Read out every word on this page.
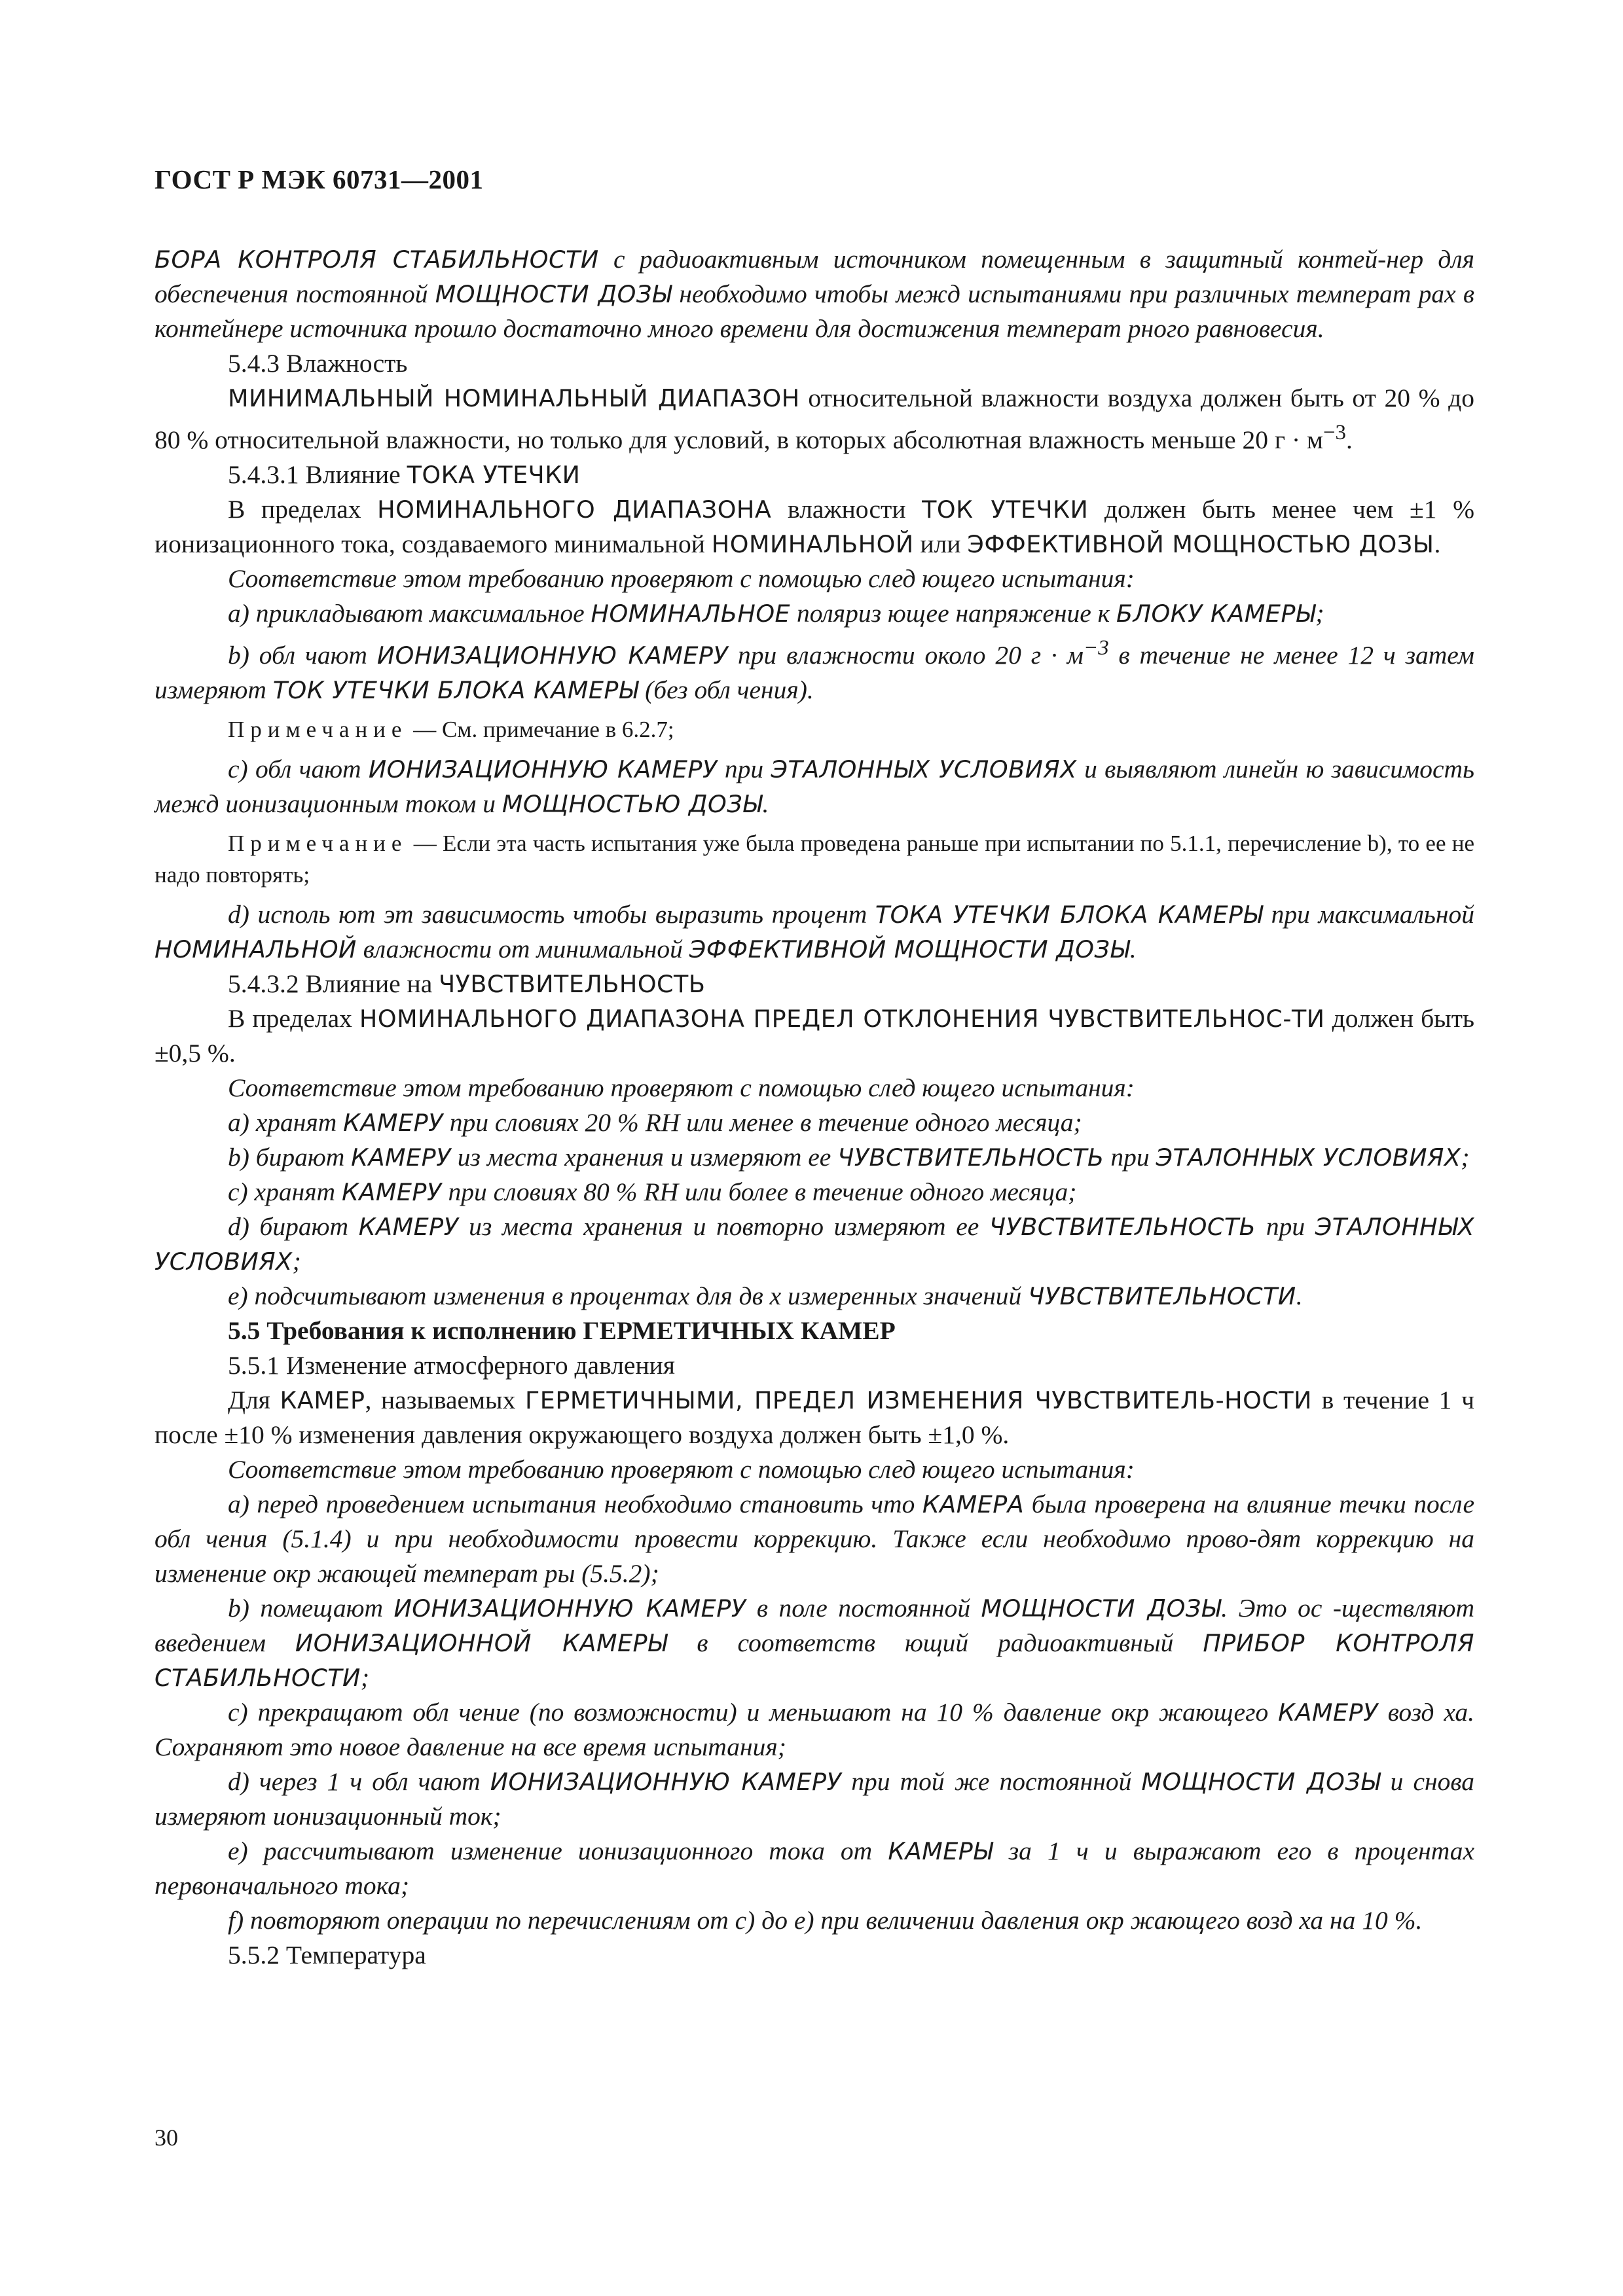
ГОСТ Р МЭК 60731—2001

БОРА КОНТРОЛЯ СТАБИЛЬНОСТИ с радиоактивным источником помещенным в защитный контей-нер для обеспечения постоянной МОЩНОСТИ ДОЗЫ необходимо чтобы межд испытаниями при различных температ рах в контейнере источника прошло достаточно много времени для достижения температ рного равновесия.

5.4.3 Влажность

МИНИМАЛЬНЫЙ НОМИНАЛЬНЫЙ ДИАПАЗОН относительной влажности воздуха должен быть от 20 % до 80 % относительной влажности, но только для условий, в которых абсолютная влажность меньше 20 $г \cdot м^{-3}$.

5.4.3.1 Влияние ТОКА УТЕЧКИ

В пределах НОМИНАЛЬНОГО ДИАПАЗОНА влажности ТОК УТЕЧКИ должен быть менее чем ±1 % ионизационного тока, создаваемого минимальной НОМИНАЛЬНОЙ или ЭФФЕКТИВНОЙ МОЩНОСТЬЮ ДОЗЫ.

Соответствие этом требованию проверяют с помощью след ющего испытания:

a) прикладывают максимальное НОМИНАЛЬНОЕ поляриз ющее напряжение к БЛОКУ КАМЕРЫ;

b) обл чают ИОНИЗАЦИОННУЮ КАМЕРУ при влажности около 20 $г \cdot м^{-3}$ в течение не менее 12 ч затем измеряют ТОК УТЕЧКИ БЛОКА КАМЕРЫ (без обл чения).

Примечание — См. примечание в 6.2.7;

c) обл чают ИОНИЗАЦИОННУЮ КАМЕРУ при ЭТАЛОННЫХ УСЛОВИЯХ и выявляют линейн ю зависимость межд ионизационным током и МОЩНОСТЬЮ ДОЗЫ.

Примечание — Если эта часть испытания уже была проведена раньше при испытании по 5.1.1, перечисление b), то ее не надо повторять;

d) исполь ют эт зависимость чтобы выразить процент ТОКА УТЕЧКИ БЛОКА КАМЕРЫ при максимальной НОМИНАЛЬНОЙ влажности от минимальной ЭФФЕКТИВНОЙ МОЩНОСТИ ДОЗЫ.

5.4.3.2 Влияние на ЧУВСТВИТЕЛЬНОСТЬ

В пределах НОМИНАЛЬНОГО ДИАПАЗОНА ПРЕДЕЛ ОТКЛОНЕНИЯ ЧУВСТВИТЕЛЬНОС-ТИ должен быть ±0,5 %.

Соответствие этом требованию проверяют с помощью след ющего испытания:

a) хранят КАМЕРУ при словиях 20 % RH или менее в течение одного месяца;

b) бирают КАМЕРУ из места хранения и измеряют ее ЧУВСТВИТЕЛЬНОСТЬ при ЭТАЛОННЫХ УСЛОВИЯХ;

c) хранят КАМЕРУ при словиях 80 % RH или более в течение одного месяца;

d) бирают КАМЕРУ из места хранения и повторно измеряют ее ЧУВСТВИТЕЛЬНОСТЬ при ЭТАЛОННЫХ УСЛОВИЯХ;

e) подсчитывают изменения в процентах для дв х измеренных значений ЧУВСТВИТЕЛЬНОСТИ.

5.5 Требования к исполнению ГЕРМЕТИЧНЫХ КАМЕР

5.5.1 Изменение атмосферного давления

Для КАМЕР, называемых ГЕРМЕТИЧНЫМИ, ПРЕДЕЛ ИЗМЕНЕНИЯ ЧУВСТВИТЕЛЬ-НОСТИ в течение 1 ч после ±10 % изменения давления окружающего воздуха должен быть ±1,0 %.

Соответствие этом требованию проверяют с помощью след ющего испытания:

a) перед проведением испытания необходимо становить что КАМЕРА была проверена на влияние течки после обл чения (5.1.4) и при необходимости провести коррекцию. Также если необходимо прово-дят коррекцию на изменение окр жающей температ ры (5.5.2);

b) помещают ИОНИЗАЦИОННУЮ КАМЕРУ в поле постоянной МОЩНОСТИ ДОЗЫ. Это ос -ществляют введением ИОНИЗАЦИОННОЙ КАМЕРЫ в соответств ющий радиоактивный ПРИБОР КОНТРОЛЯ СТАБИЛЬНОСТИ;

c) прекращают обл чение (по возможности) и меньшают на 10 % давление окр жающего КАМЕРУ возд ха. Сохраняют это новое давление на все время испытания;

d) через 1 ч обл чают ИОНИЗАЦИОННУЮ КАМЕРУ при той же постоянной МОЩНОСТИ ДОЗЫ и снова измеряют ионизационный ток;

e) рассчитывают изменение ионизационного тока от КАМЕРЫ за 1 ч и выражают его в процентах первоначального тока;

f) повторяют операции по перечислениям от с) до е) при величении давления окр жающего возд ха на 10 %.

5.5.2 Температура

30
